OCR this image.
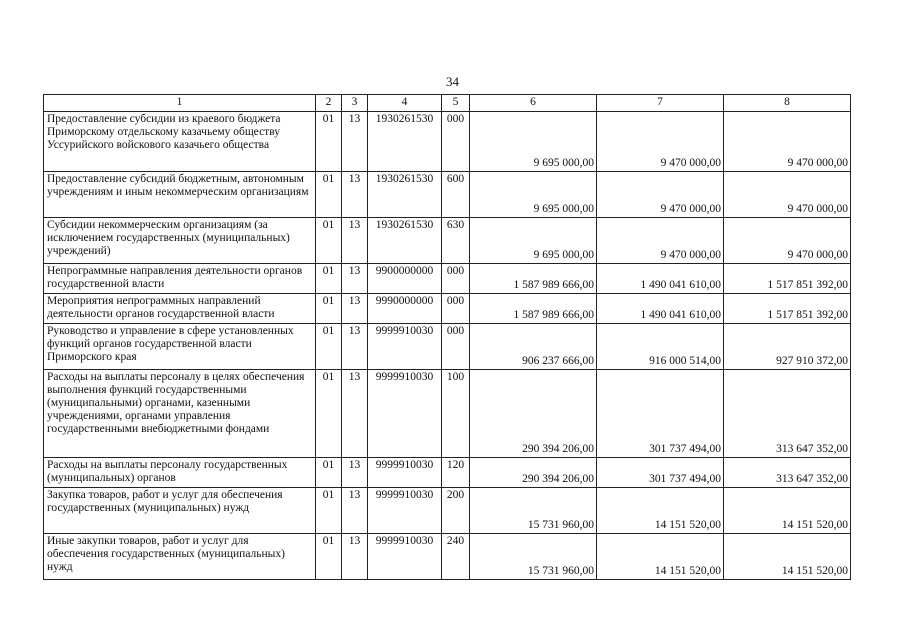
34
1	2	3	4	5	6	7	8
Предоставление субсидии из краевого бюджета Приморскому отдельскому казачьему обществу Уссурийского войскового казачьего общества	01	13	1930261530	000	9 695 000,00	9 470 000,00	9 470 000,00
Предоставление субсидий бюджетным, автономным учреждениям и иным некоммерческим организациям	01	13	1930261530	600	9 695 000,00	9 470 000,00	9 470 000,00
Субсидии некоммерческим организациям (за исключением государственных (муниципальных) учреждений)	01	13	1930261530	630	9 695 000,00	9 470 000,00	9 470 000,00
Непрограммные направления деятельности органов государственной власти	01	13	9900000000	000	1 587 989 666,00	1 490 041 610,00	1 517 851 392,00
Мероприятия непрограммных направлений деятельности органов государственной власти	01	13	9990000000	000	1 587 989 666,00	1 490 041 610,00	1 517 851 392,00
Руководство и управление в сфере установленных функций органов государственной власти Приморского края	01	13	9999910030	000	906 237 666,00	916 000 514,00	927 910 372,00
Расходы на выплаты персоналу в целях обеспечения выполнения функций государственными (муниципальными) органами, казенными учреждениями, органами управления государственными внебюджетными фондами	01	13	9999910030	100	290 394 206,00	301 737 494,00	313 647 352,00
Расходы на выплаты персоналу государственных (муниципальных) органов	01	13	9999910030	120	290 394 206,00	301 737 494,00	313 647 352,00
Закупка товаров, работ и услуг для обеспечения государственных (муниципальных) нужд	01	13	9999910030	200	15 731 960,00	14 151 520,00	14 151 520,00
Иные закупки товаров, работ и услуг для обеспечения государственных (муниципальных) нужд	01	13	9999910030	240	15 731 960,00	14 151 520,00	14 151 520,00
